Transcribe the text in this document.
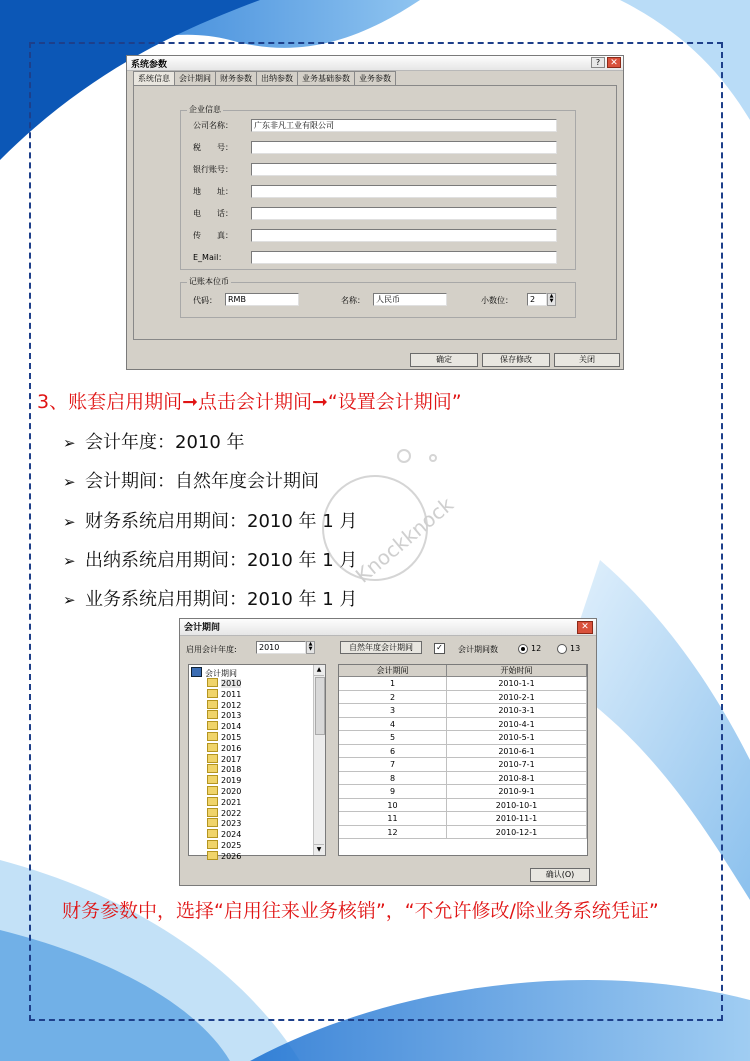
系统参数	?	✕
系统信息	会计期间	财务参数	出纳参数	业务基础参数	业务参数
企业信息
公司名称：	广东非凡工业有限公司
税　　号：
银行账号：
地　　址：
电　　话：
传　　真：
E_Mail：
记账本位币
代码：	RMB	名称：	人民币	小数位：	2	▲
▼
确定	保存修改	关闭
3、账套启用期间➞点击会计期间➞“设置会计期间”
➢ 会计年度：2010 年
➢ 会计期间：自然年度会计期间
➢ 财务系统启用期间：2010 年 1 月
➢ 出纳系统启用期间：2010 年 1 月
➢ 业务系统启用期间：2010 年 1 月
Knockknock
会计期间	✕
启用会计年度:	2010	▲
▼	自然年度会计期间	✓ 会计期间数	12	13
会计期间
2010
2011
2012
2013
2014
2015
2016
2017
2018
2019
2020
2021
2022
2023
2024
2025
2026
▲
▼
会计期间	开始时间
1	2010-1-1
2	2010-2-1
3	2010-3-1
4	2010-4-1
5	2010-5-1
6	2010-6-1
7	2010-7-1
8	2010-8-1
9	2010-9-1
10	2010-10-1
11	2010-11-1
12	2010-12-1
确认(O)
财务参数中，选择“启用往来业务核销”，“不允许修改/除业务系统凭证”
